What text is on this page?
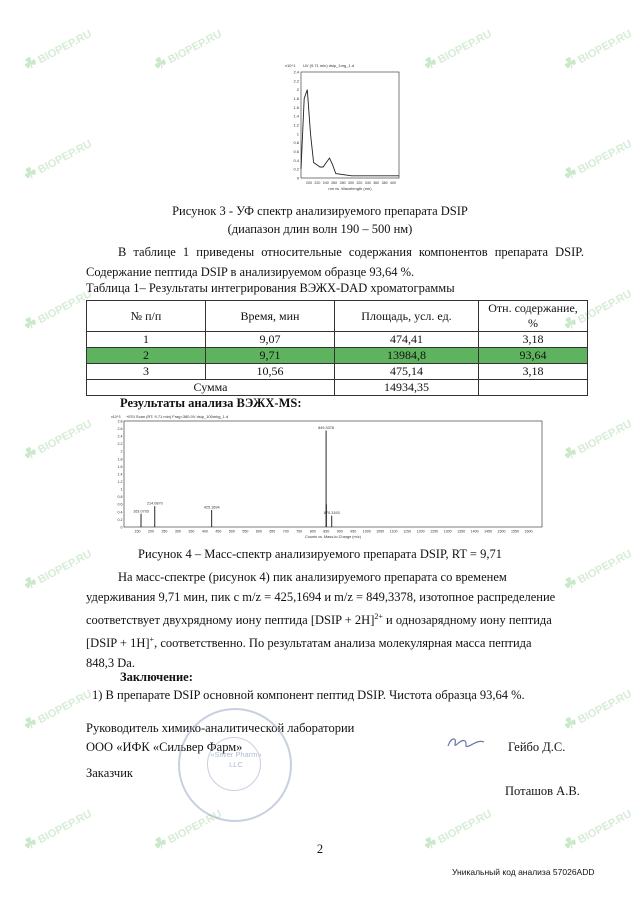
☘ BIOPEP.RU	☘ BIOPEP.RU	☘ BIOPEP.RU	☘ BIOPEP.RU
☘ BIOPEP.RU	☘ BIOPEP.RU
☘ BIOPEP.RU	☘ BIOPEP.RU
☘ BIOPEP.RU	☘ BIOPEP.RU
☘ BIOPEP.RU	☘ BIOPEP.RU
☘ BIOPEP.RU	☘ BIOPEP.RU
☘ BIOPEP.RU	☘ BIOPEP.RU	☘ BIOPEP.RU	☘ BIOPEP.RU
UV (9.71 min) dsip_1mg_1.d
x10^1
2.4
2.2
2
1.8
1.6
1.4
1.2
1
0.8
0.6
0.4
0.2
0
200 220 240 260 280 300 320 340 360 380 400
nm vs. Wavelength (nm)
Рисунок 3 - УФ спектр анализируемого препарата DSIP
(диапазон длин волн 190 – 500 нм)
В таблице 1 приведены относительные содержания компонентов препарата DSIP. Содержание пептида DSIP в анализируемом образце 93,64 %.
Таблица 1– Результаты интегрирования ВЭЖХ-DAD хроматограммы
№ п/п	Время, мин	Площадь, усл. ед.	Отн. содержание, %
1	9,07	474,41	3,18
2	9,71	13984,8	93,64
3	10,56	475,14	3,18
Сумма		14934,35	
Результаты анализа ВЭЖХ-MS:
+ESI Scan (RT: 9.71 min) Frag=380.0V dsip_100mkg_1.d
x10^3
2.8
2.6
2.4
2.2
2
1.8
1.6
1.4
1.2
1
0.8
0.6
0.4
0.2
0
150 200 250 300 350 400 450 500 550 600 650 700 750 800 850 900 950 1000 1050 1100 1150 1200 1250 1300 1350 1400 1450 1500 1550 1600
Counts vs. Mass-to-Charge (m/z)
163.0703
214.0870
425.1694
849.3378
870.3193
Рисунок 4 – Масс-спектр анализируемого препарата DSIP, RT = 9,71
На масс-спектре (рисунок 4) пик анализируемого препарата со временем
удерживания 9,71 мин, пик с m/z = 425,1694 и m/z = 849,3378, изотопное распределение
соответствует двухрядному иону пептида [DSIP + 2H]$^{2+}$ и однозарядному иону пептида
[DSIP + 1H]+, соответственно. По результатам анализа молекулярная масса пептида
848,3 Da.
Заключение:
1) В препарате DSIP основной компонент пептид DSIP. Чистота образца 93,64 %.
Руководитель химико-аналитической лаборатории
ООО «ИФК «Сильвер Фарм»
Заказчик
Гейбо Д.С.
Поташов А.В.
«Silver Pharm»
LLC
2
Уникальный код анализа 57026ADD
